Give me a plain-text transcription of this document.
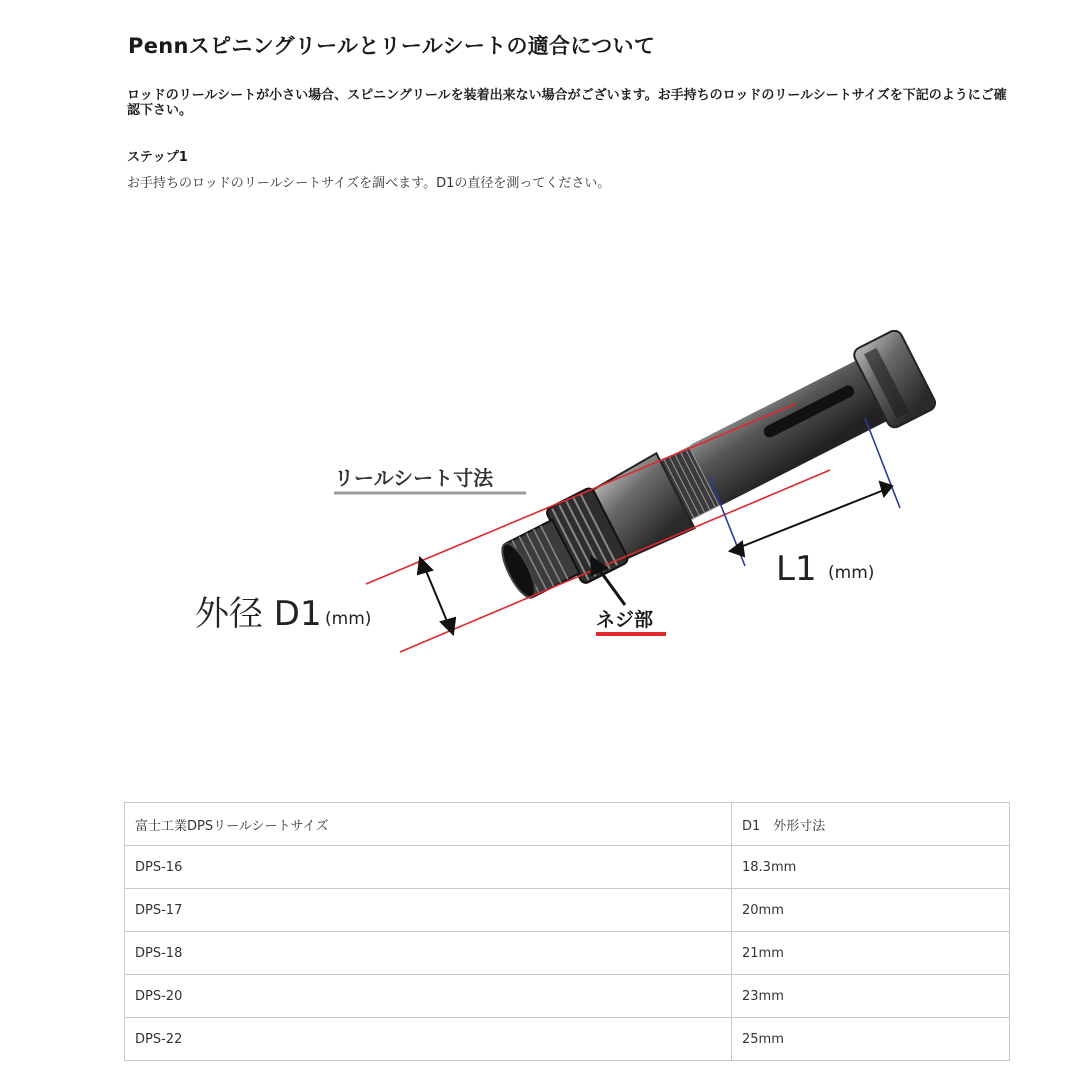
Pennスピニングリールとリールシートの適合について
ロッドのリールシートが小さい場合、スピニングリールを装着出来ない場合がございます。お手持ちのロッドのリールシートサイズを下記のようにご確認下さい。
ステップ1
お手持ちのロッドのリールシートサイズを調べます。D1の直径を測ってください。
リールシート寸法
外径 D1 (mm)
L1 (mm)
ネジ部
富士工業DPSリールシートサイズ	D1　外形寸法
DPS-16	18.3mm
DPS-17	20mm
DPS-18	21mm
DPS-20	23mm
DPS-22	25mm
